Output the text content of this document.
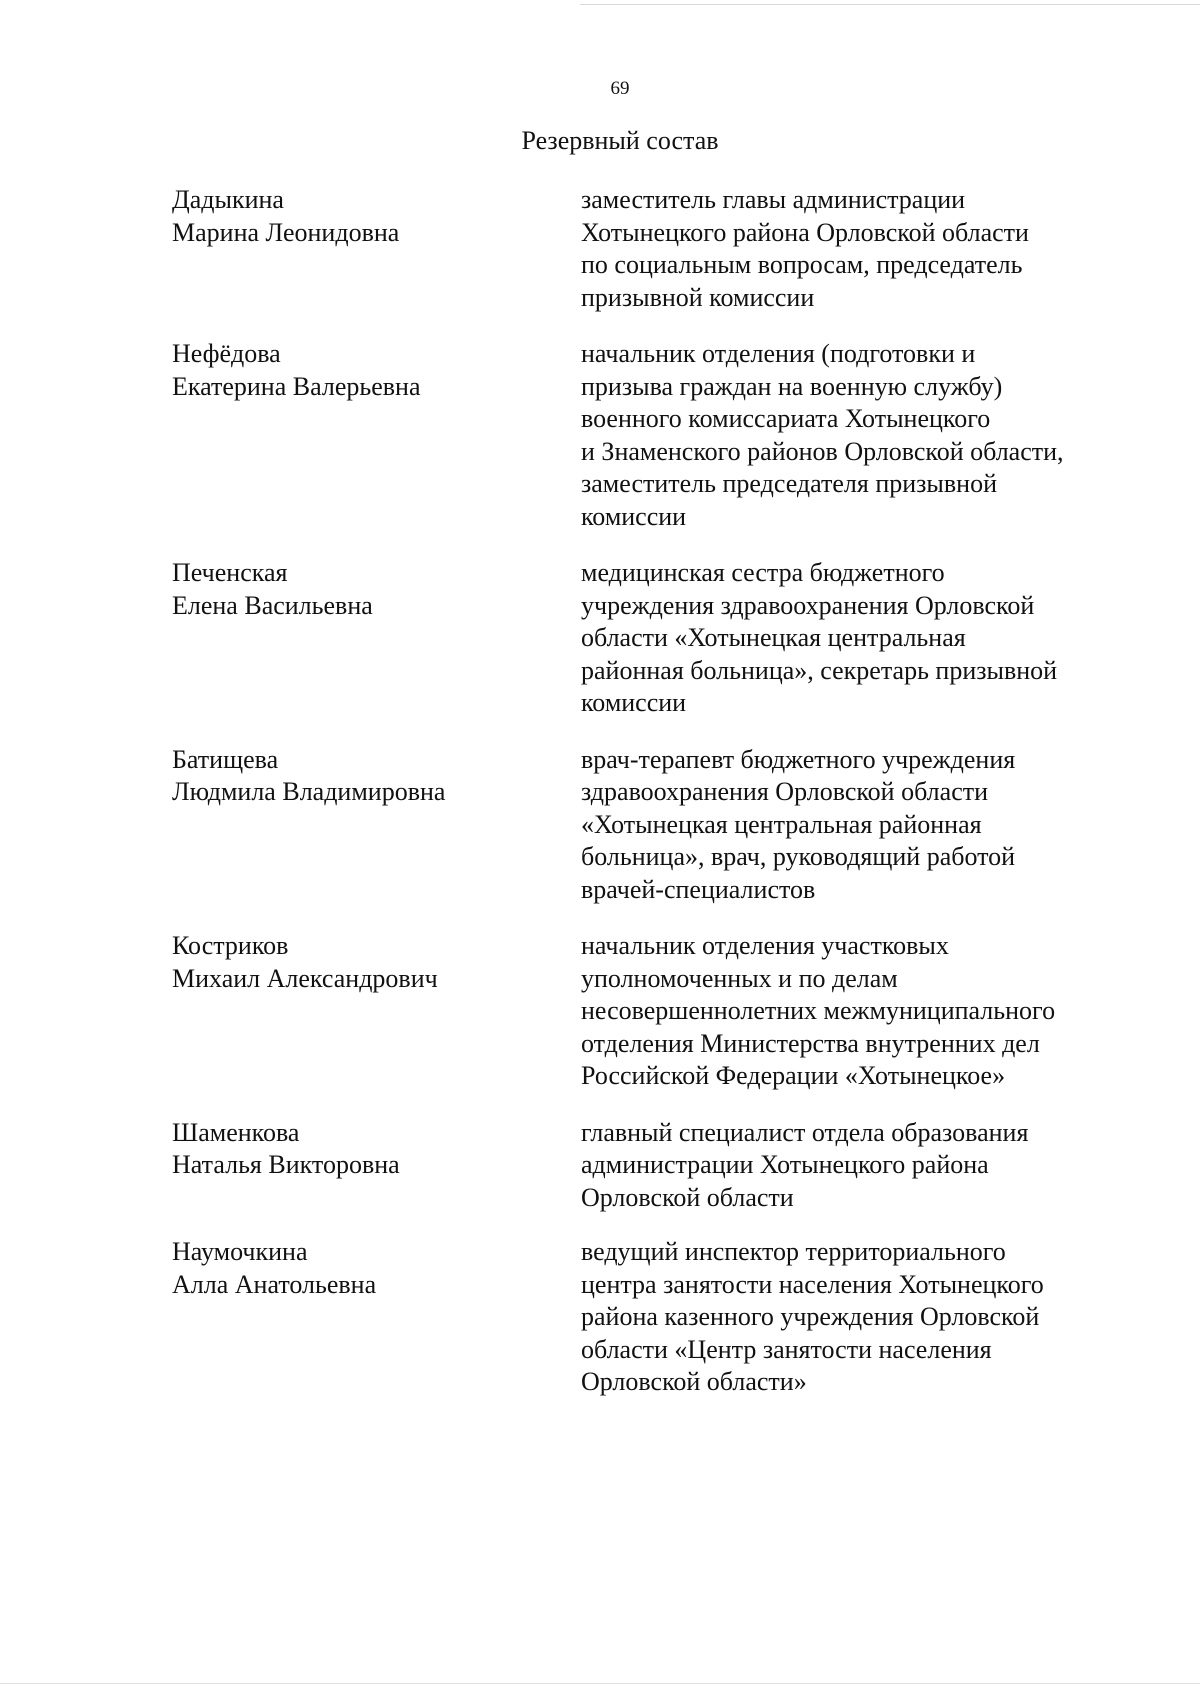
69
Резервный состав
Дадыкина
Марина Леонидовна
заместитель главы администрации
Хотынецкого района Орловской области
по социальным вопросам, председатель
призывной комиссии
Нефёдова
Екатерина Валерьевна
начальник отделения (подготовки и
призыва граждан на военную службу)
военного комиссариата Хотынецкого
и Знаменского районов Орловской области,
заместитель председателя призывной
комиссии
Печенская
Елена Васильевна
медицинская сестра бюджетного
учреждения здравоохранения Орловской
области «Хотынецкая центральная
районная больница», секретарь призывной
комиссии
Батищева
Людмила Владимировна
врач-терапевт бюджетного учреждения
здравоохранения Орловской области
«Хотынецкая центральная районная
больница», врач, руководящий работой
врачей-специалистов
Костриков
Михаил Александрович
начальник отделения участковых
уполномоченных и по делам
несовершеннолетних межмуниципального
отделения Министерства внутренних дел
Российской Федерации «Хотынецкое»
Шаменкова
Наталья Викторовна
главный специалист отдела образования
администрации Хотынецкого района
Орловской области
Наумочкина
Алла Анатольевна
ведущий инспектор территориального
центра занятости населения Хотынецкого
района казенного учреждения Орловской
области «Центр занятости населения
Орловской области»
